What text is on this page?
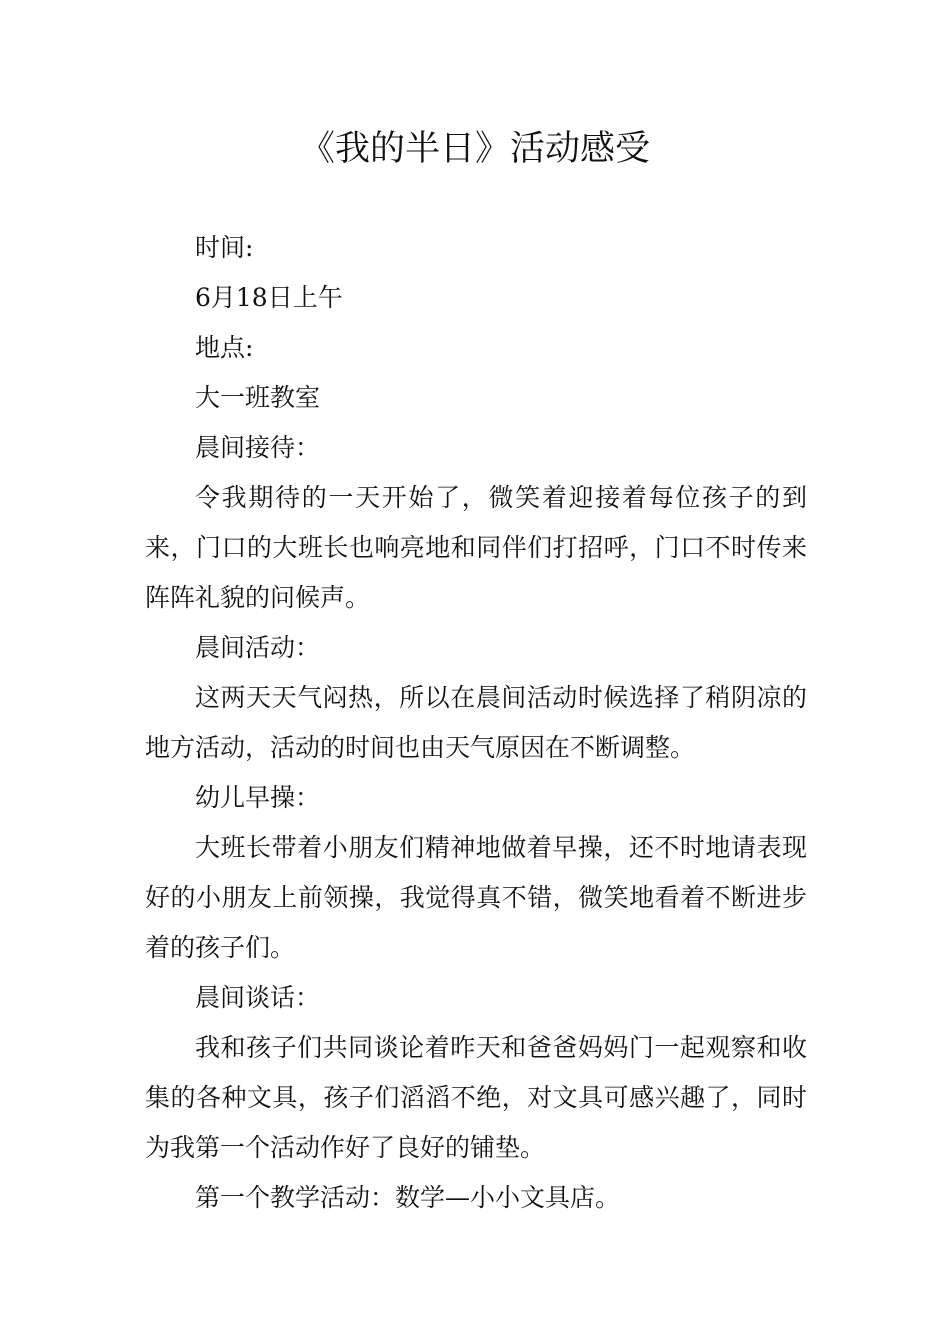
《我的半日》活动感受

时间:

6月18日上午

地点:

大一班教室

晨间接待：

令我期待的一天开始了，微笑着迎接着每位孩子的到来，门口的大班长也响亮地和同伴们打招呼，门口不时传来阵阵礼貌的问候声。

晨间活动：

这两天天气闷热，所以在晨间活动时候选择了稍阴凉的地方活动，活动的时间也由天气原因在不断调整。

幼儿早操：

大班长带着小朋友们精神地做着早操，还不时地请表现好的小朋友上前领操，我觉得真不错，微笑地看着不断进步着的孩子们。

晨间谈话：

我和孩子们共同谈论着昨天和爸爸妈妈门一起观察和收集的各种文具，孩子们滔滔不绝，对文具可感兴趣了，同时为我第一个活动作好了良好的铺垫。

第一个教学活动：数学—小小文具店。
